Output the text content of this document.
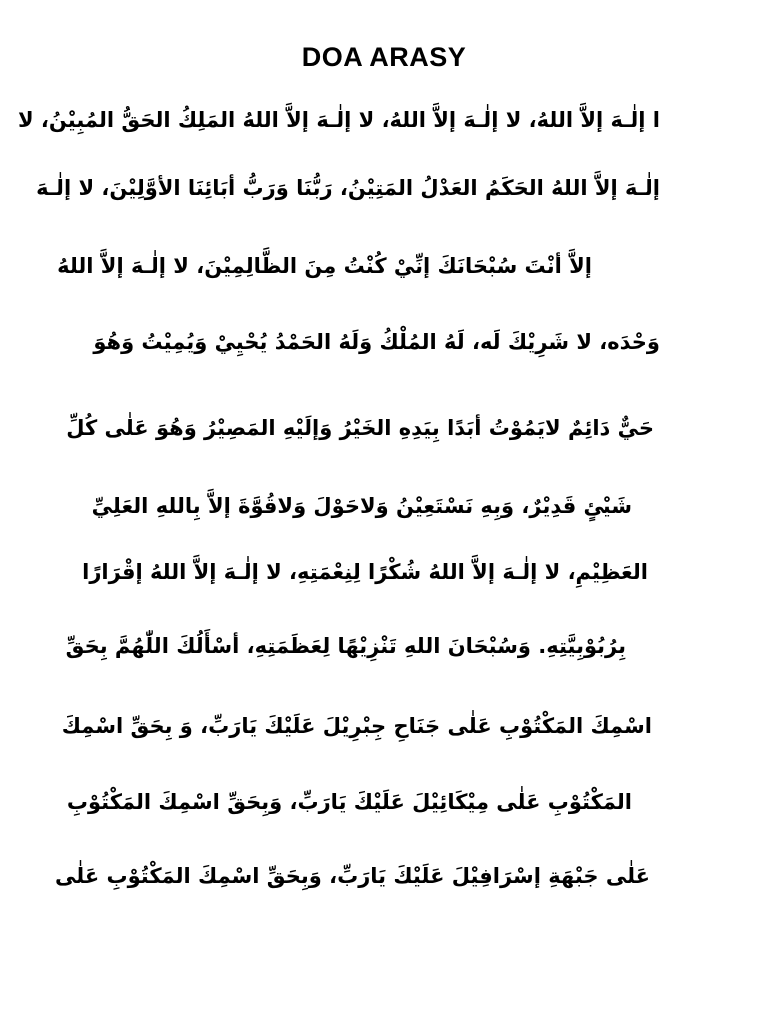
DOA ARASY
ا إلٰـهَ إلاَّ اللهُ، لا إلٰـهَ إلاَّ اللهُ، لا إلٰـهَ إلاَّ اللهُ المَلِكُ الحَقُّ المُبِيْنُ، لا
إلٰـهَ إلاَّ اللهُ الحَكَمُ العَدْلُ المَتِيْنُ، رَبُّنَا وَرَبُّ أبَائِنَا الأوَّلِيْنَ، لا إلٰـهَ
إلاَّ أنْتَ سُبْحَانَكَ إنِّيْ كُنْتُ مِنَ الظَّالِمِيْنَ، لا إلٰـهَ إلاَّ اللهُ
وَحْدَه، لا شَرِيْكَ لَه، لَهُ المُلْكُ وَلَهُ الحَمْدُ يُحْيِيْ وَيُمِيْتُ وَهُوَ
حَيٌّ دَائِمٌ لايَمُوْتُ أبَدًا بِيَدِهِ الخَيْرُ وَإلَيْهِ المَصِيْرُ وَهُوَ عَلٰى كُلِّ
شَيْئٍ قَدِيْرٌ، وَبِهِ نَسْتَعِيْنُ وَلاحَوْلَ وَلاقُوَّةَ إلاَّ بِاللهِ العَلِيِّ
العَظِيْمِ، لا إلٰـهَ إلاَّ اللهُ شُكْرًا لِنِعْمَتِهِ، لا إلٰـهَ إلاَّ اللهُ إقْرَارًا
بِرُبُوْبِيَّتِهِ. وَسُبْحَانَ اللهِ تَنْزِيْهًا لِعَظَمَتِهِ، أسْأَلُكَ اللّٰهُمَّ بِحَقِّ
اسْمِكَ المَكْتُوْبِ عَلٰى جَنَاحِ جِبْرِيْلَ عَلَيْكَ يَارَبِّ، وَ بِحَقِّ اسْمِكَ
المَكْتُوْبِ عَلٰى مِيْكَائِيْلَ عَلَيْكَ يَارَبِّ، وَبِحَقِّ اسْمِكَ المَكْتُوْبِ
عَلٰى جَبْهَةِ إسْرَافِيْلَ عَلَيْكَ يَارَبِّ، وَبِحَقِّ اسْمِكَ المَكْتُوْبِ عَلٰى
